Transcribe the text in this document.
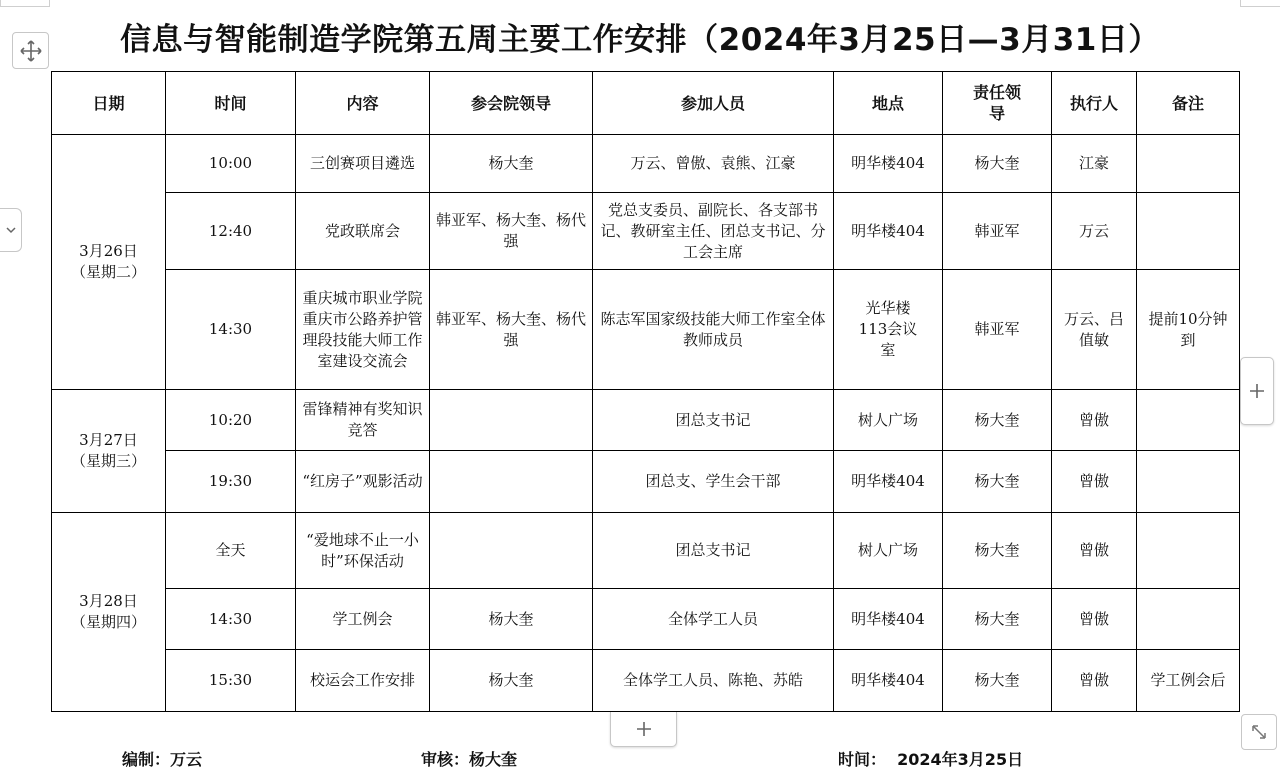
信息与智能制造学院第五周主要工作安排（2024年3月25日—3月31日）
日期	时间	内容	参会院领导	参加人员	地点	责任领导	执行人	备注

3月26日
（星期二）	10:00	三创赛项目遴选	杨大奎	万云、曾傲、袁熊、江豪	明华楼404	杨大奎	江豪	
	12:40	党政联席会	韩亚军、杨大奎、杨代强	党总支委员、副院长、各支部书记、教研室主任、团总支书记、分工会主席	明华楼404	韩亚军	万云	
	14:30	重庆城市职业学院 重庆市公路养护管理段技能大师工作室建设交流会	韩亚军、杨大奎、杨代强	陈志军国家级技能大师工作室全体教师成员	光华楼113会议室	韩亚军	万云、吕值敏	提前10分钟到

3月27日
（星期三）	10:20	雷锋精神有奖知识竞答		团总支书记	树人广场	杨大奎	曾傲	
	19:30	“红房子”观影活动		团总支、学生会干部	明华楼404	杨大奎	曾傲	

3月28日
（星期四）	全天	“爱地球不止一小时”环保活动		团总支书记	树人广场	杨大奎	曾傲	
	14:30	学工例会	杨大奎	全体学工人员	明华楼404	杨大奎	曾傲	
	15:30	校运会工作安排	杨大奎	全体学工人员、陈艳、苏皓	明华楼404	杨大奎	曾傲	学工例会后
编制：万云	审核：杨大奎	时间：  2024年3月25日
